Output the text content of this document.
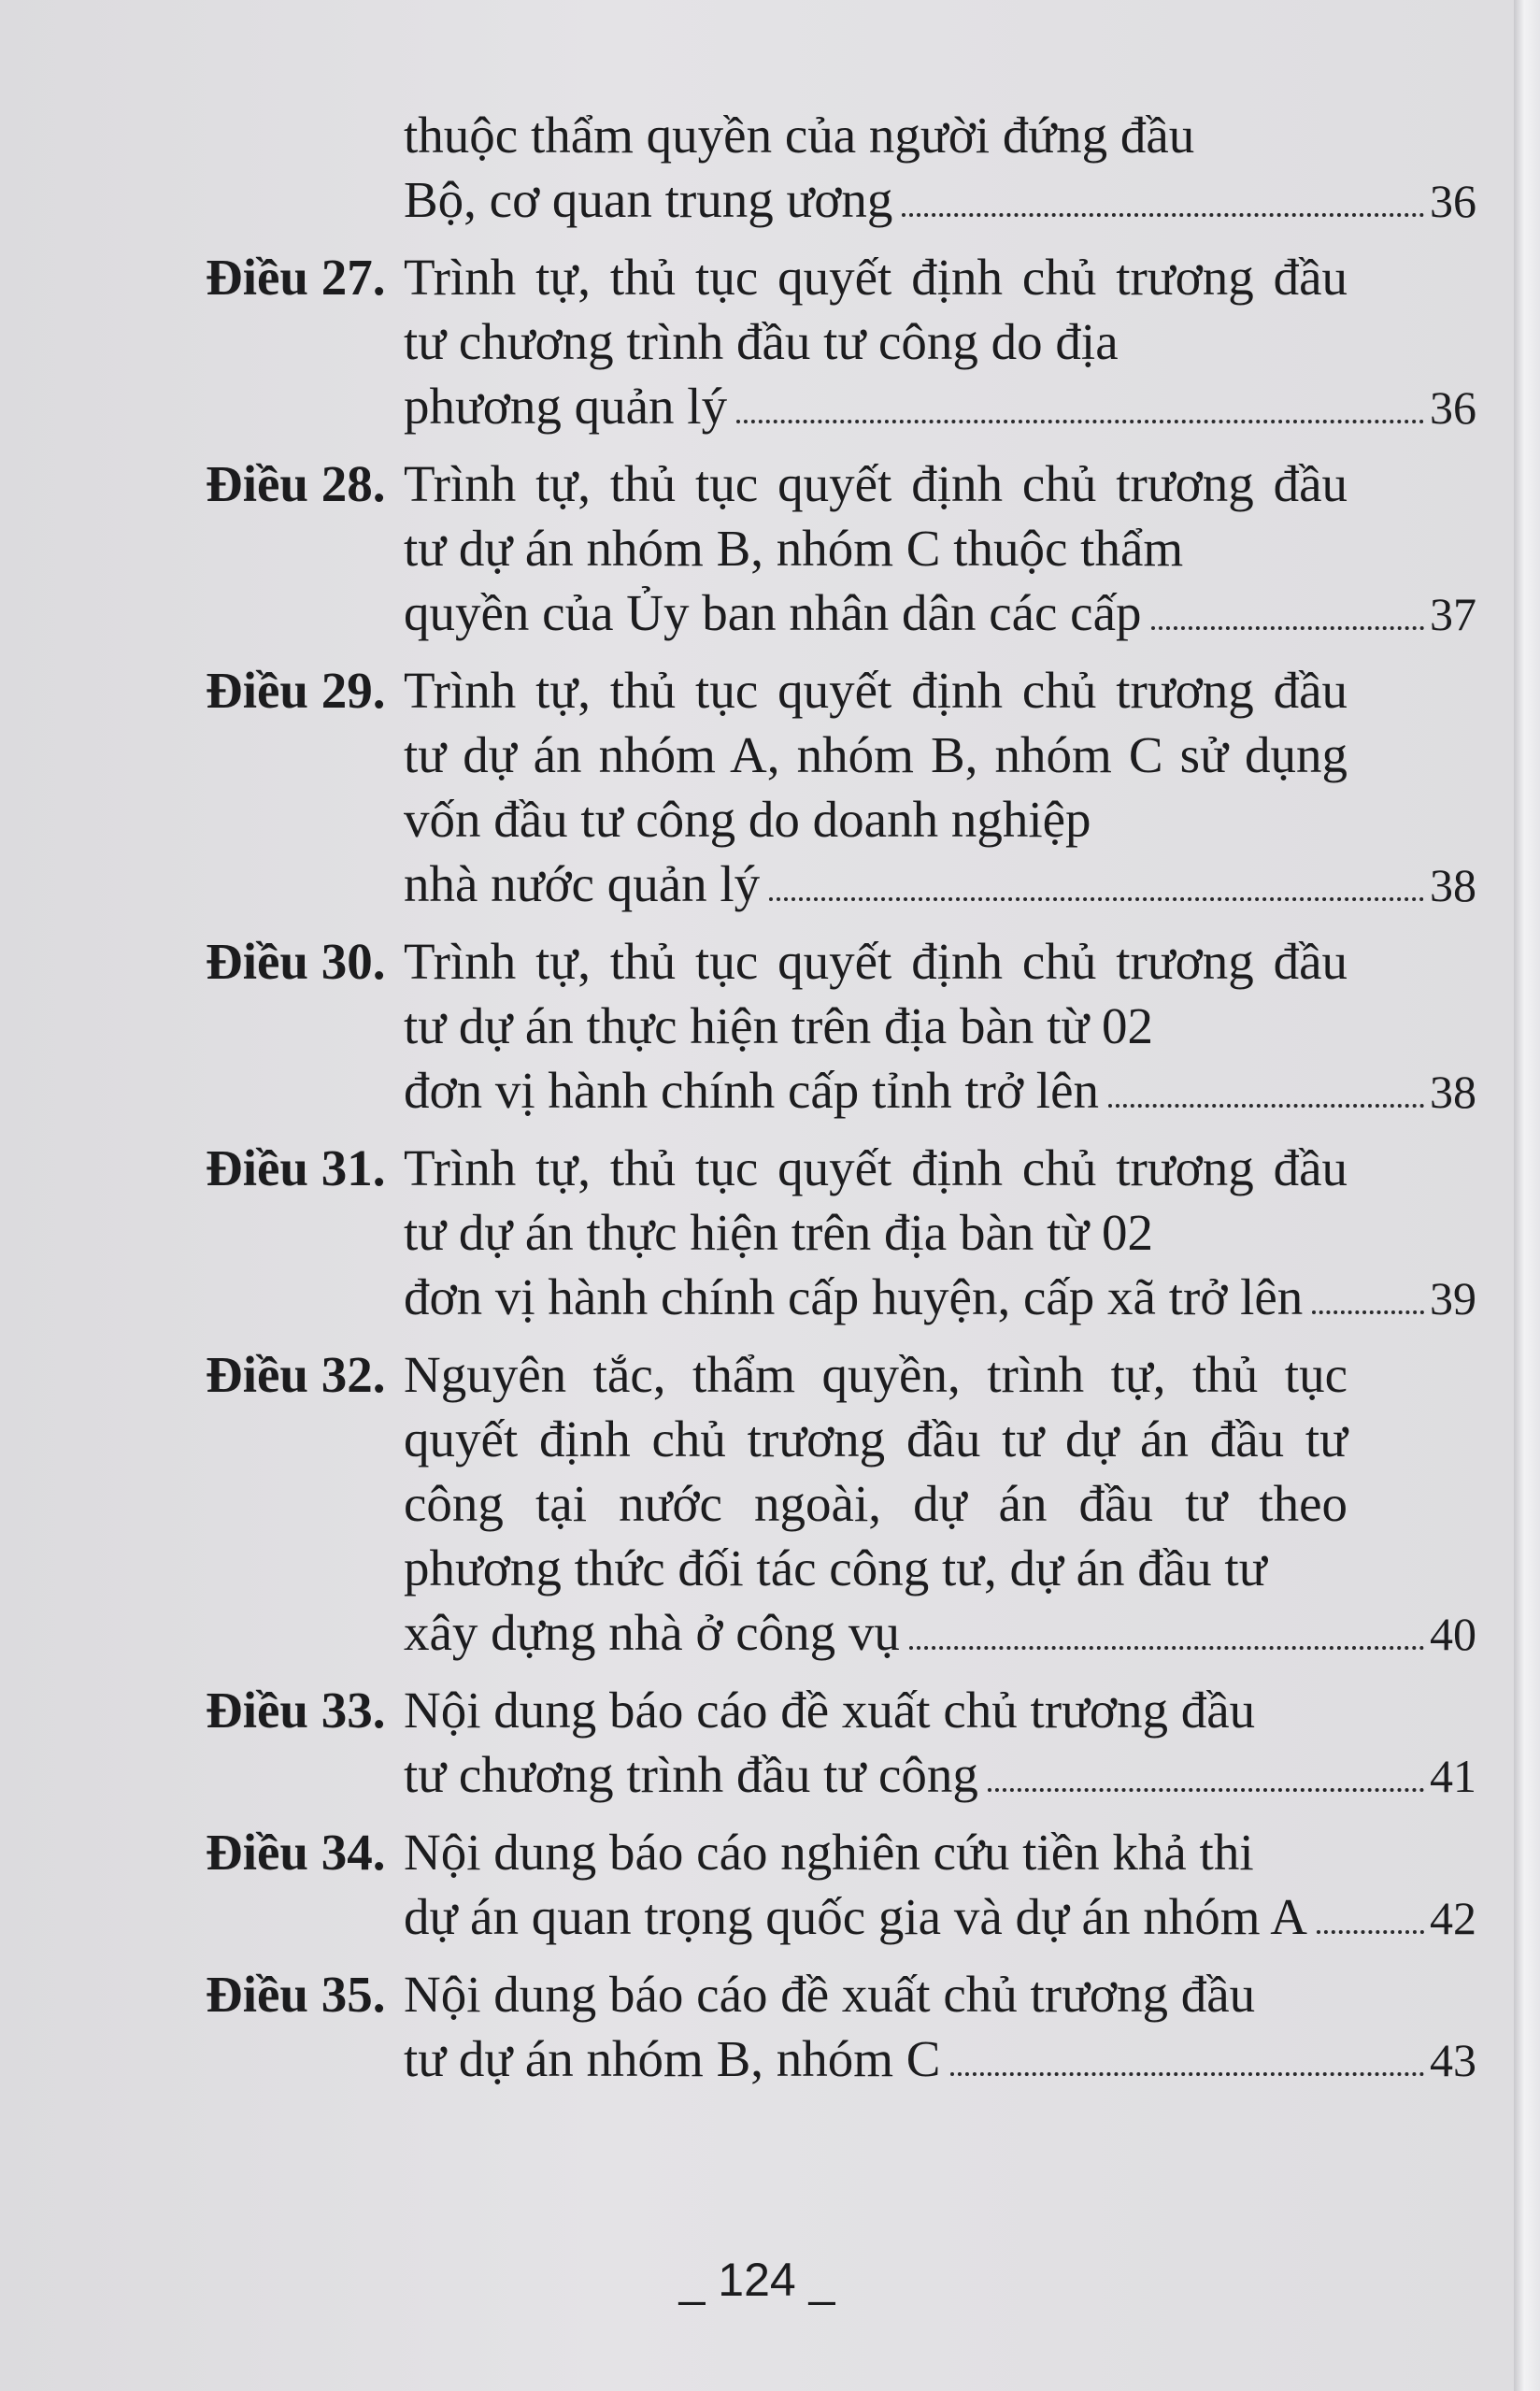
thuộc thẩm quyền của người đứng đầu
Bộ, cơ quan trung ương	36
Điều 27. Trình tự, thủ tục quyết định chủ trương đầu tư chương trình đầu tư công do địa
phương quản lý	36
Điều 28. Trình tự, thủ tục quyết định chủ trương đầu tư dự án nhóm B, nhóm C thuộc thẩm
quyền của Ủy ban nhân dân các cấp	37
Điều 29. Trình tự, thủ tục quyết định chủ trương đầu tư dự án nhóm A, nhóm B, nhóm C sử dụng vốn đầu tư công do doanh nghiệp
nhà nước quản lý	38
Điều 30. Trình tự, thủ tục quyết định chủ trương đầu tư dự án thực hiện trên địa bàn từ 02
đơn vị hành chính cấp tỉnh trở lên	38
Điều 31. Trình tự, thủ tục quyết định chủ trương đầu tư dự án thực hiện trên địa bàn từ 02
đơn vị hành chính cấp huyện, cấp xã trở lên	39
Điều 32. Nguyên tắc, thẩm quyền, trình tự, thủ tục quyết định chủ trương đầu tư dự án đầu tư công tại nước ngoài, dự án đầu tư theo phương thức đối tác công tư, dự án đầu tư
xây dựng nhà ở công vụ	40
Điều 33. Nội dung báo cáo đề xuất chủ trương đầu
tư chương trình đầu tư công	41
Điều 34. Nội dung báo cáo nghiên cứu tiền khả thi
dự án quan trọng quốc gia và dự án nhóm A	42
Điều 35. Nội dung báo cáo đề xuất chủ trương đầu
tư dự án nhóm B, nhóm C	43
_ 124 _
